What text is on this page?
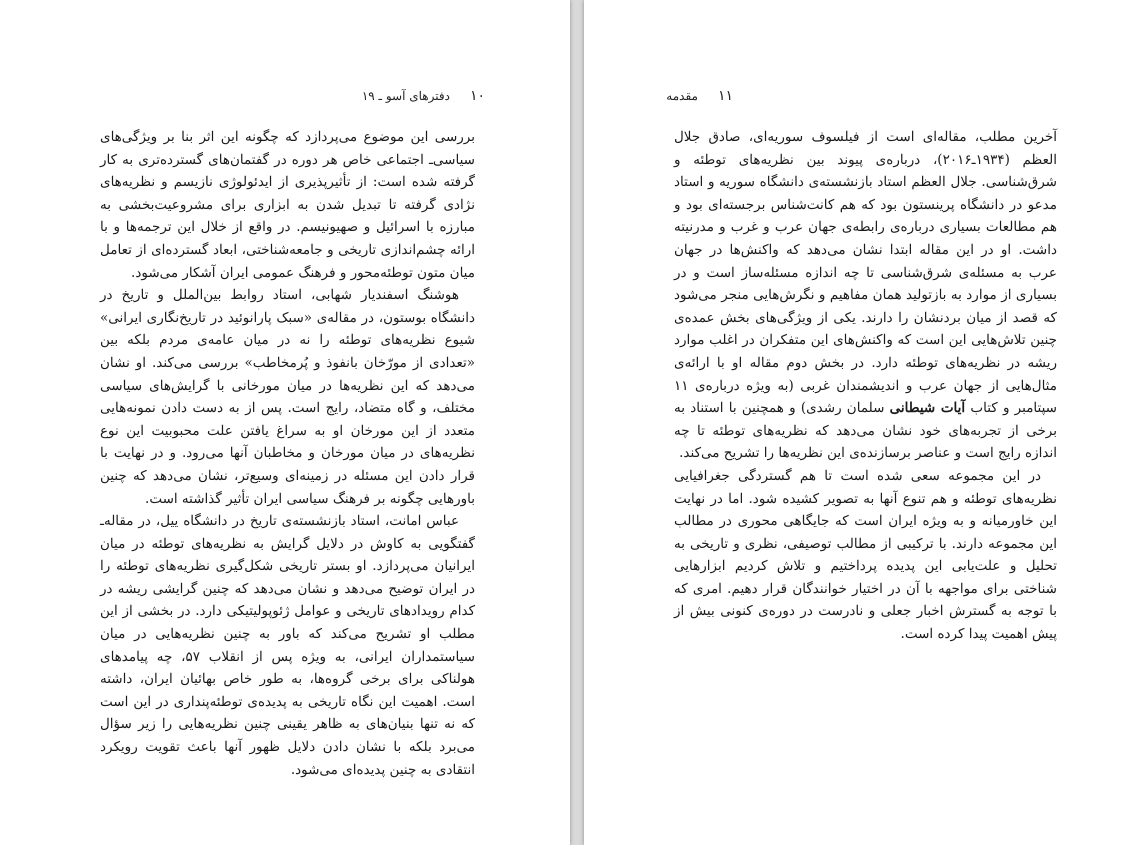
۱۰
دفترهای آسو ـ ۱۹

بررسی این موضوع می‌پردازد که چگونه این اثر بنا بر ویژگی‌های سیاسی‌ـ اجتماعی خاص هر دوره در گفتمان‌های گسترده‌تری به کار گرفته شده است: از تأثیرپذیری از ایدئولوژی نازیسم و نظریه‌های نژادی گرفته تا تبدیل شدن به ابزاری برای مشروعیت‌بخشی به مبارزه با اسرائیل و صهیونیسم. در واقع از خلال این ترجمه‌ها و با ارائه چشم‌اندازی تاریخی و جامعه‌شناختی، ابعاد گسترده‌ای از تعامل میان متون توطئه‌محور و فرهنگ عمومی ایران آشکار می‌شود.

هوشنگ اسفندیار شهابی، استاد روابط بین‌الملل و تاریخ در دانشگاه بوستون، در مقاله‌ی «سبک پارانوئید در تاریخ‌نگاری ایرانی» شیوع نظریه‌های توطئه را نه در میان عامه‌ی مردم بلکه بین «تعدادی از مورّخان بانفوذ و پُرمخاطب» بررسی می‌کند. او نشان می‌دهد که این نظریه‌ها در میان مورخانی با گرایش‌های سیاسی مختلف، و گاه متضاد، رایج است. پس از به دست دادن نمونه‌هایی متعدد از این مورخان او به سراغ یافتن علت محبوبیت این نوع نظریه‌های در میان مورخان و مخاطبان آنها می‌رود. و در نهایت با قرار دادن این مسئله در زمینه‌ای وسیع‌تر، نشان می‌دهد که چنین باورهایی چگونه بر فرهنگ سیاسی ایران تأثیر گذاشته است.

عباس امانت، استاد بازنشسته‌ی تاریخ در دانشگاه ییل، در مقاله‌ـ گفتگویی به کاوش در دلایل گرایش به نظریه‌های توطئه در میان ایرانیان می‌پردازد. او بستر تاریخی شکل‌گیری نظریه‌های توطئه را در ایران توضیح می‌دهد و نشان می‌دهد که چنین گرایشی ریشه در کدام رویدادهای تاریخی و عوامل ژئوپولیتیکی دارد. در بخشی از این مطلب او تشریح می‌کند که باور به چنین نظریه‌هایی در میان سیاستمداران ایرانی، به ویژه پس از انقلاب ۵۷، چه پیامدهای هولناکی برای برخی گروه‌ها، به طور خاص بهائیان ایران، داشته است. اهمیت این نگاه تاریخی به پدیده‌ی توطئه‌پنداری در این است که نه تنها بنیان‌های به ظاهر یقینی چنین نظریه‌هایی را زیر سؤال می‌برد بلکه با نشان دادن دلایل ظهور آنها باعث تقویت رویکرد انتقادی به چنین پدیده‌ای می‌شود.

۱۱
مقدمه

آخرین مطلب، مقاله‌ای است از فیلسوف سوریه‌ای، صادق جلال العظم (۱۹۳۴ـ۲۰۱۶)، درباره‌ی پیوند بین نظریه‌های توطئه و شرق‌شناسی. جلال العظم استاد بازنشسته‌ی دانشگاه سوریه و استاد مدعو در دانشگاه پرینستون بود که هم کانت‌شناس برجسته‌ای بود و هم مطالعات بسیاری درباره‌ی رابطه‌ی جهان عرب و غرب و مدرنیته داشت. او در این مقاله ابتدا نشان می‌دهد که واکنش‌ها در جهان عرب به مسئله‌ی شرق‌شناسی تا چه اندازه مسئله‌ساز است و در بسیاری از موارد به بازتولید همان مفاهیم و نگرش‌هایی منجر می‌شود که قصد از میان بردنشان را دارند. یکی از ویژگی‌های بخش عمده‌ی چنین تلاش‌هایی این است که واکنش‌های این متفکران در اغلب موارد ریشه در نظریه‌های توطئه دارد. در بخش دوم مقاله او با ارائه‌ی مثال‌هایی از جهان عرب و اندیشمندان غربی (به ویژه درباره‌ی ۱۱ سپتامبر و کتاب آیات شیطانی سلمان رشدی) و همچنین با استناد به برخی از تجربه‌های خود نشان می‌دهد که نظریه‌های توطئه تا چه اندازه رایج است و عناصر برسازنده‌ی این نظریه‌ها را تشریح می‌کند.

در این مجموعه سعی شده است تا هم گستردگی جغرافیایی نظریه‌های توطئه و هم تنوع آنها به تصویر کشیده شود. اما در نهایت این خاورمیانه و به ویژه ایران است که جایگاهی محوری در مطالب این مجموعه دارند. با ترکیبی از مطالب توصیفی، نظری و تاریخی به تحلیل و علت‌یابی این پدیده پرداختیم و تلاش کردیم ابزارهایی شناختی برای مواجهه با آن در اختیار خوانندگان قرار دهیم. امری که با توجه به گسترش اخبار جعلی و نادرست در دوره‌ی کنونی بیش از پیش اهمیت پیدا کرده است.
